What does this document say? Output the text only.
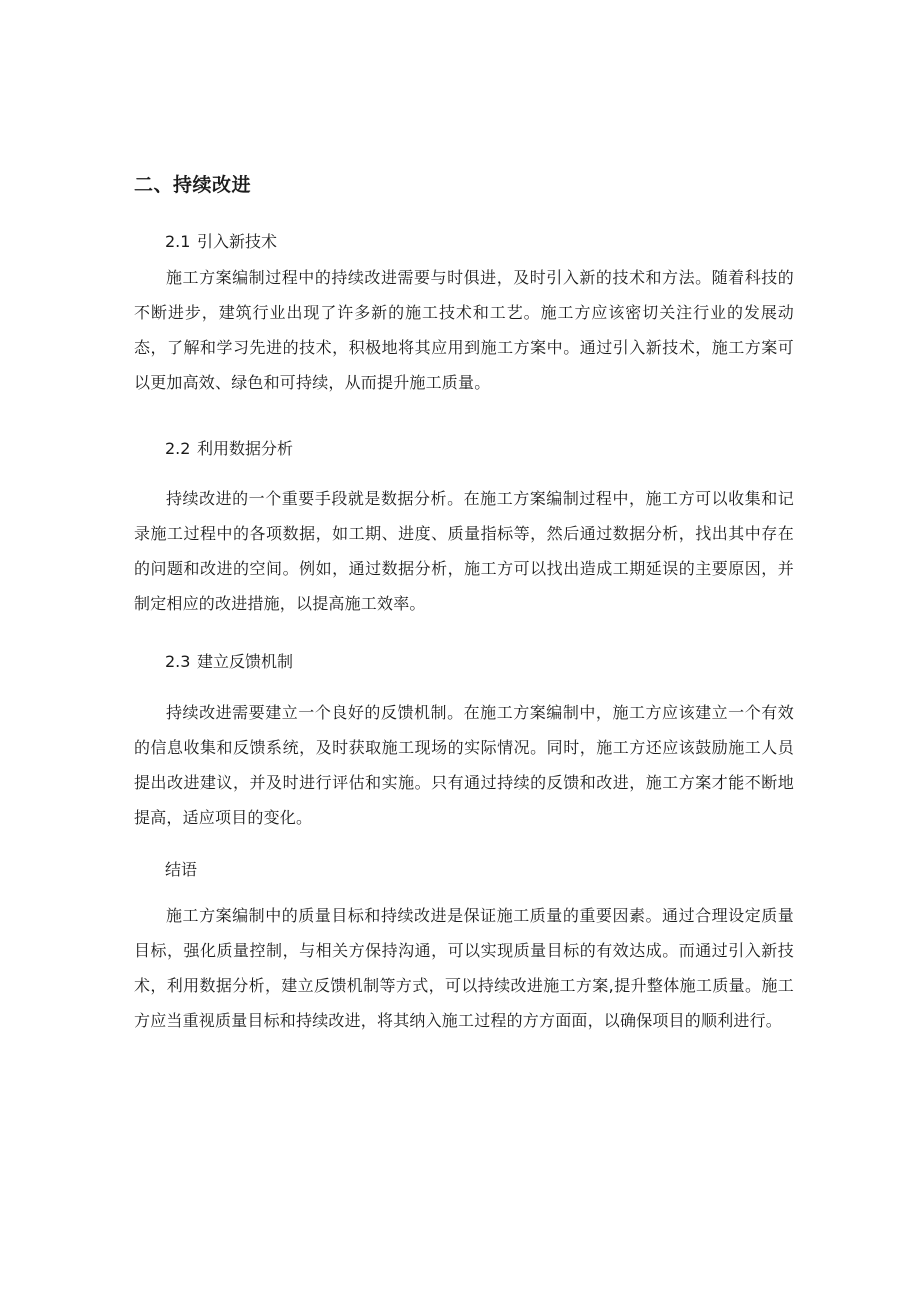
二、持续改进
2.1 引入新技术

施工方案编制过程中的持续改进需要与时俱进，及时引入新的技术和方法。随着科技的不断进步，建筑行业出现了许多新的施工技术和工艺。施工方应该密切关注行业的发展动态，了解和学习先进的技术，积极地将其应用到施工方案中。通过引入新技术，施工方案可以更加高效、绿色和可持续，从而提升施工质量。

2.2 利用数据分析

持续改进的一个重要手段就是数据分析。在施工方案编制过程中，施工方可以收集和记录施工过程中的各项数据，如工期、进度、质量指标等，然后通过数据分析，找出其中存在的问题和改进的空间。例如，通过数据分析，施工方可以找出造成工期延误的主要原因，并制定相应的改进措施，以提高施工效率。

2.3 建立反馈机制

持续改进需要建立一个良好的反馈机制。在施工方案编制中，施工方应该建立一个有效的信息收集和反馈系统，及时获取施工现场的实际情况。同时，施工方还应该鼓励施工人员提出改进建议，并及时进行评估和实施。只有通过持续的反馈和改进，施工方案才能不断地提高，适应项目的变化。

结语

施工方案编制中的质量目标和持续改进是保证施工质量的重要因素。通过合理设定质量目标，强化质量控制，与相关方保持沟通，可以实现质量目标的有效达成。而通过引入新技术，利用数据分析，建立反馈机制等方式，可以持续改进施工方案,提升整体施工质量。施工方应当重视质量目标和持续改进，将其纳入施工过程的方方面面，以确保项目的顺利进行。
